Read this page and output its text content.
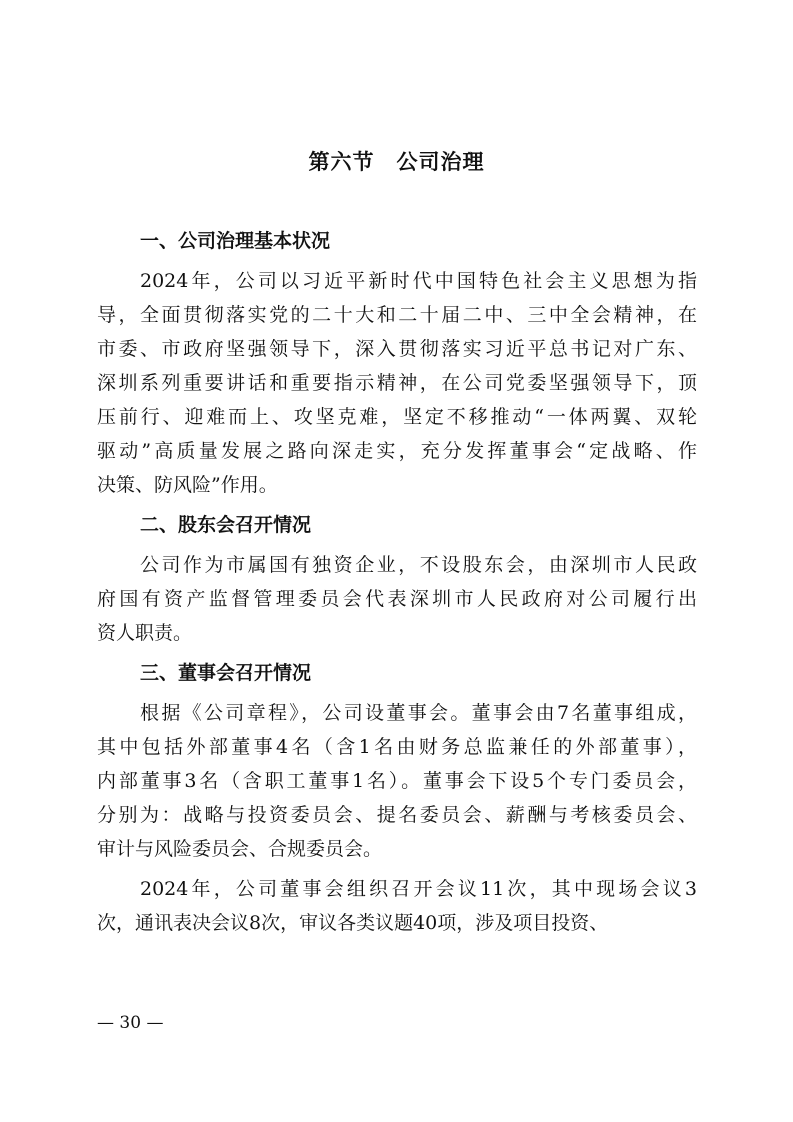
第六节　公司治理
一、公司治理基本状况
2024年，公司以习近平新时代中国特色社会主义思想为指
导，全面贯彻落实党的二十大和二十届二中、三中全会精神，在
市委、市政府坚强领导下，深入贯彻落实习近平总书记对广东、
深圳系列重要讲话和重要指示精神，在公司党委坚强领导下，顶
压前行、迎难而上、攻坚克难，坚定不移推动“一体两翼、双轮
驱动”高质量发展之路向深走实，充分发挥董事会“定战略、作
决策、防风险”作用。
二、股东会召开情况
公司作为市属国有独资企业，不设股东会，由深圳市人民政
府国有资产监督管理委员会代表深圳市人民政府对公司履行出
资人职责。
三、董事会召开情况
根据《公司章程》，公司设董事会。董事会由7名董事组成，
其中包括外部董事4名（含1名由财务总监兼任的外部董事），
内部董事3名（含职工董事1名）。董事会下设5个专门委员会，
分别为：战略与投资委员会、提名委员会、薪酬与考核委员会、
审计与风险委员会、合规委员会。
2024年，公司董事会组织召开会议11次，其中现场会议3
次，通讯表决会议8次，审议各类议题40项，涉及项目投资、
— 30 —
